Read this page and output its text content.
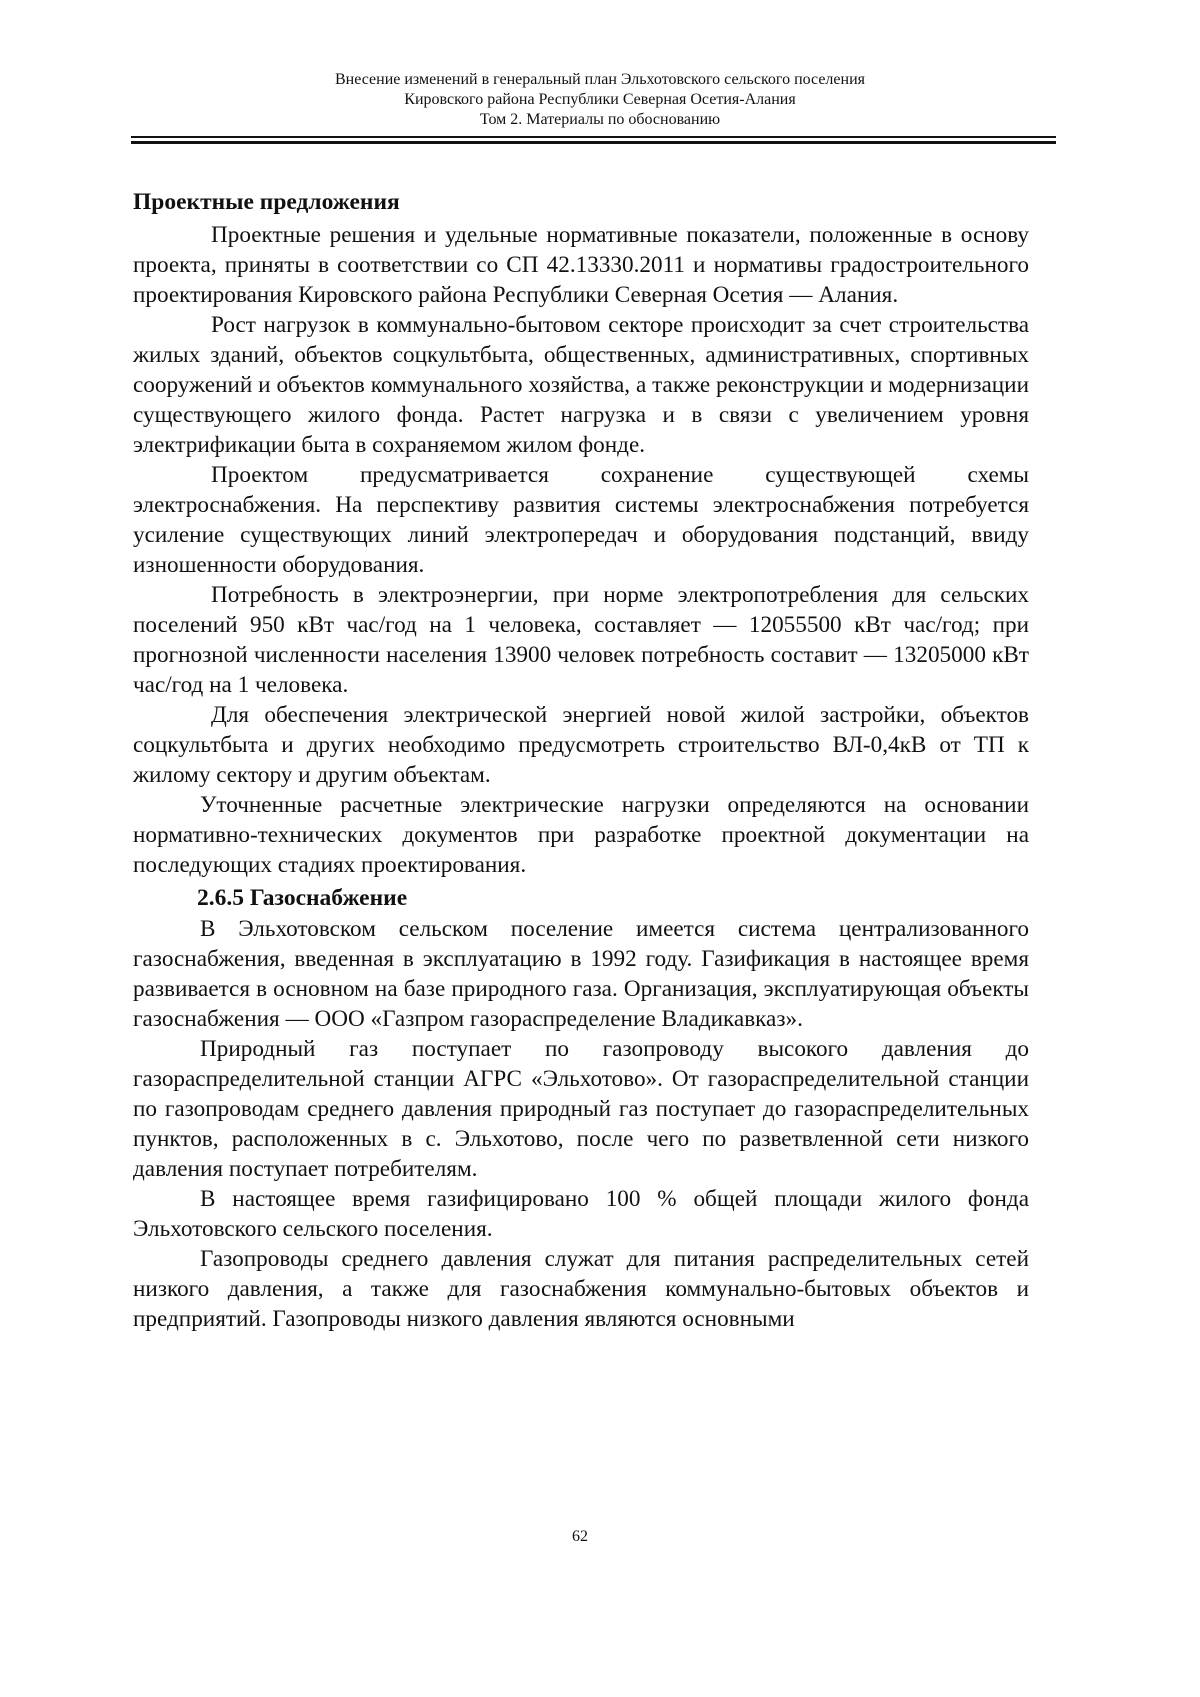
Внесение изменений в генеральный план Эльхотовского сельского поселения
Кировского района Республики Северная Осетия-Алания
Том 2. Материалы по обоснованию
Проектные предложения

Проектные решения и удельные нормативные показатели, положенные в основу проекта, приняты в соответствии со СП 42.13330.2011 и нормативы градостроительного проектирования Кировского района Республики Северная Осетия — Алания.

Рост нагрузок в коммунально-бытовом секторе происходит за счет строительства жилых зданий, объектов соцкультбыта, общественных, административных, спортивных сооружений и объектов коммунального хозяйства, а также реконструкции и модернизации существующего жилого фонда. Растет нагрузка и в связи с увеличением уровня электрификации быта в сохраняемом жилом фонде.

Проектом предусматривается сохранение существующей схемы электроснабжения. На перспективу развития системы электроснабжения потребуется усиление существующих линий электропередач и оборудования подстанций, ввиду изношенности оборудования.

Потребность в электроэнергии, при норме электропотребления для сельских поселений 950 кВт час/год на 1 человека, составляет — 12055500 кВт час/год; при прогнозной численности населения 13900 человек потребность составит — 13205000 кВт час/год на 1 человека.

Для обеспечения электрической энергией новой жилой застройки, объектов соцкультбыта и других необходимо предусмотреть строительство ВЛ-0,4кВ от ТП к жилому сектору и другим объектам.

Уточненные расчетные электрические нагрузки определяются на основании нормативно-технических документов при разработке проектной документации на последующих стадиях проектирования.

2.6.5 Газоснабжение

В Эльхотовском сельском поселение имеется система централизованного газоснабжения, введенная в эксплуатацию в 1992 году. Газификация в настоящее время развивается в основном на базе природного газа. Организация, эксплуатирующая объекты газоснабжения — ООО «Газпром газораспределение Владикавказ».

Природный газ поступает по газопроводу высокого давления до газораспределительной станции АГРС «Эльхотово». От газораспределительной станции по газопроводам среднего давления природный газ поступает до газораспределительных пунктов, расположенных в с. Эльхотово, после чего по разветвленной сети низкого давления поступает потребителям.

В настоящее время газифицировано 100 % общей площади жилого фонда Эльхотовского сельского поселения.

Газопроводы среднего давления служат для питания распределительных сетей низкого давления, а также для газоснабжения коммунально-бытовых объектов и предприятий. Газопроводы низкого давления являются основными

62
